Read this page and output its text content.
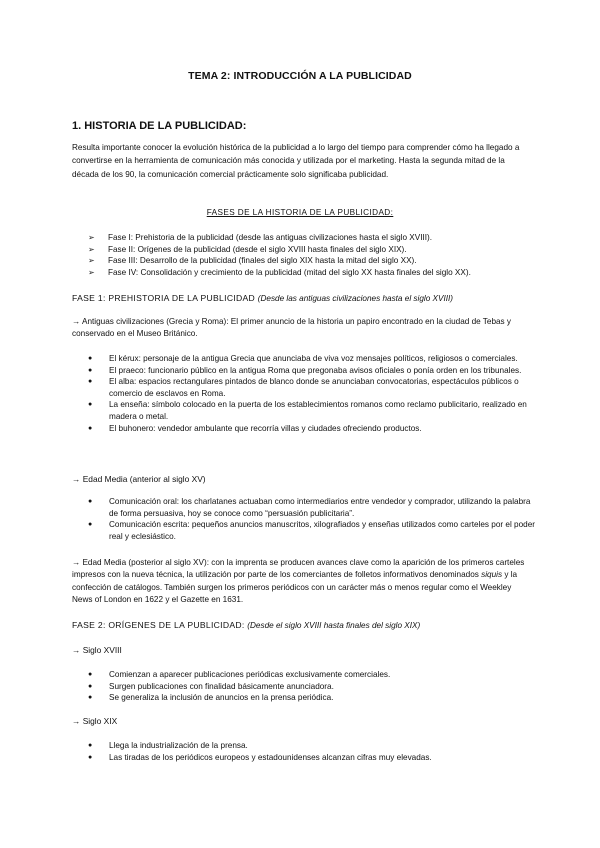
TEMA 2: INTRODUCCIÓN A LA PUBLICIDAD
1. HISTORIA DE LA PUBLICIDAD:
Resulta importante conocer la evolución histórica de la publicidad a lo largo del tiempo para comprender cómo ha llegado a convertirse en la herramienta de comunicación más conocida y utilizada por el marketing. Hasta la segunda mitad de la década de los 90, la comunicación comercial prácticamente solo significaba publicidad.
FASES DE LA HISTORIA DE LA PUBLICIDAD:
➢	Fase I: Prehistoria de la publicidad (desde las antiguas civilizaciones hasta el siglo XVIII).
➢	Fase II: Orígenes de la publicidad (desde el siglo XVIII hasta finales del siglo XIX).
➢	Fase III: Desarrollo de la publicidad (finales del siglo XIX hasta la mitad del siglo XX).
➢	Fase IV: Consolidación y crecimiento de la publicidad (mitad del siglo XX hasta finales del siglo XX).
FASE 1: PREHISTORIA DE LA PUBLICIDAD (Desde las antiguas civilizaciones hasta el siglo XVIII)
→ Antiguas civilizaciones (Grecia y Roma): El primer anuncio de la historia un papiro encontrado en la ciudad de Tebas y conservado en el Museo Británico.
●	El kérux: personaje de la antigua Grecia que anunciaba de viva voz mensajes políticos, religiosos o comerciales.
●	El praeco: funcionario público en la antigua Roma que pregonaba avisos oficiales o ponía orden en los tribunales.
●	El alba: espacios rectangulares pintados de blanco donde se anunciaban convocatorias, espectáculos públicos o comercio de esclavos en Roma.
●	La enseña: símbolo colocado en la puerta de los establecimientos romanos como reclamo publicitario, realizado en madera o metal.
●	El buhonero: vendedor ambulante que recorría villas y ciudades ofreciendo productos.
→ Edad Media (anterior al siglo XV)
●	Comunicación oral: los charlatanes actuaban como intermediarios entre vendedor y comprador, utilizando la palabra de forma persuasiva, hoy se conoce como “persuasión publicitaria”.
●	Comunicación escrita: pequeños anuncios manuscritos, xilografiados y enseñas utilizados como carteles por el poder real y eclesiástico.
→ Edad Media (posterior al siglo XV): con la imprenta se producen avances clave como la aparición de los primeros carteles impresos con la nueva técnica, la utilización por parte de los comerciantes de folletos informativos denominados siquis y la confección de catálogos. También surgen los primeros periódicos con un carácter más o menos regular como el Weekley News of London en 1622 y el Gazette en 1631.
FASE 2: ORÍGENES DE LA PUBLICIDAD: (Desde el siglo XVIII hasta finales del siglo XIX)
→ Siglo XVIII
●	Comienzan a aparecer publicaciones periódicas exclusivamente comerciales.
●	Surgen publicaciones con finalidad básicamente anunciadora.
●	Se generaliza la inclusión de anuncios en la prensa periódica.
→ Siglo XIX
●	Llega la industrialización de la prensa.
●	Las tiradas de los periódicos europeos y estadounidenses alcanzan cifras muy elevadas.
